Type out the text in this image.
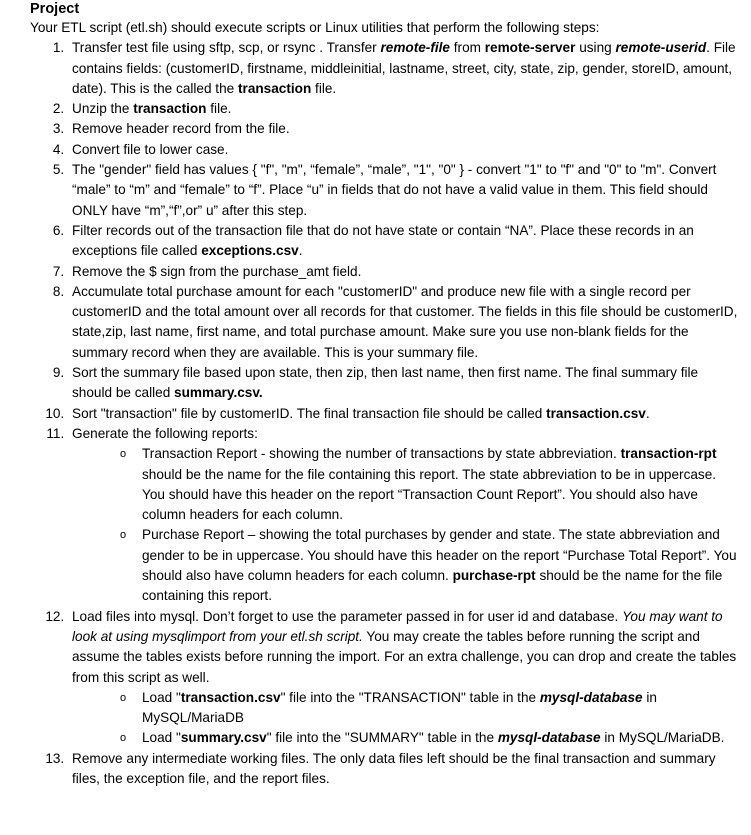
Project
Your ETL script (etl.sh) should execute scripts or Linux utilities that perform the following steps:
1. Transfer test file using sftp, scp, or rsync . Transfer remote-file from remote-server using remote-userid. File contains fields: (customerID, firstname, middleinitial, lastname, street, city, state, zip, gender, storeID, amount, date). This is the called the transaction file.
2. Unzip the transaction file.
3. Remove header record from the file.
4. Convert file to lower case.
5. The "gender" field has values { "f", "m", “female”, “male”, "1", "0" } - convert "1" to "f" and "0" to "m". Convert “male” to “m” and “female” to “f”. Place “u” in fields that do not have a valid value in them. This field should ONLY have “m”,“f”,or” u” after this step.
6. Filter records out of the transaction file that do not have state or contain “NA”. Place these records in an exceptions file called exceptions.csv.
7. Remove the $ sign from the purchase_amt field.
8. Accumulate total purchase amount for each "customerID" and produce new file with a single record per customerID and the total amount over all records for that customer. The fields in this file should be customerID, state,zip, last name, first name, and total purchase amount. Make sure you use non-blank fields for the summary record when they are available. This is your summary file.
9. Sort the summary file based upon state, then zip, then last name, then first name. The final summary file should be called summary.csv.
10. Sort "transaction" file by customerID. The final transaction file should be called transaction.csv.
11. Generate the following reports:
o Transaction Report - showing the number of transactions by state abbreviation. transaction-rpt should be the name for the file containing this report. The state abbreviation to be in uppercase. You should have this header on the report “Transaction Count Report”. You should also have column headers for each column.
o Purchase Report – showing the total purchases by gender and state. The state abbreviation and gender to be in uppercase. You should have this header on the report “Purchase Total Report”. You should also have column headers for each column. purchase-rpt should be the name for the file containing this report.
12. Load files into mysql. Don’t forget to use the parameter passed in for user id and database. You may want to look at using mysqlimport from your etl.sh script. You may create the tables before running the script and assume the tables exists before running the import. For an extra challenge, you can drop and create the tables from this script as well.
o Load "transaction.csv" file into the "TRANSACTION" table in the mysql-database in MySQL/MariaDB
o Load "summary.csv" file into the "SUMMARY" table in the mysql-database in MySQL/MariaDB.
13. Remove any intermediate working files. The only data files left should be the final transaction and summary files, the exception file, and the report files.
